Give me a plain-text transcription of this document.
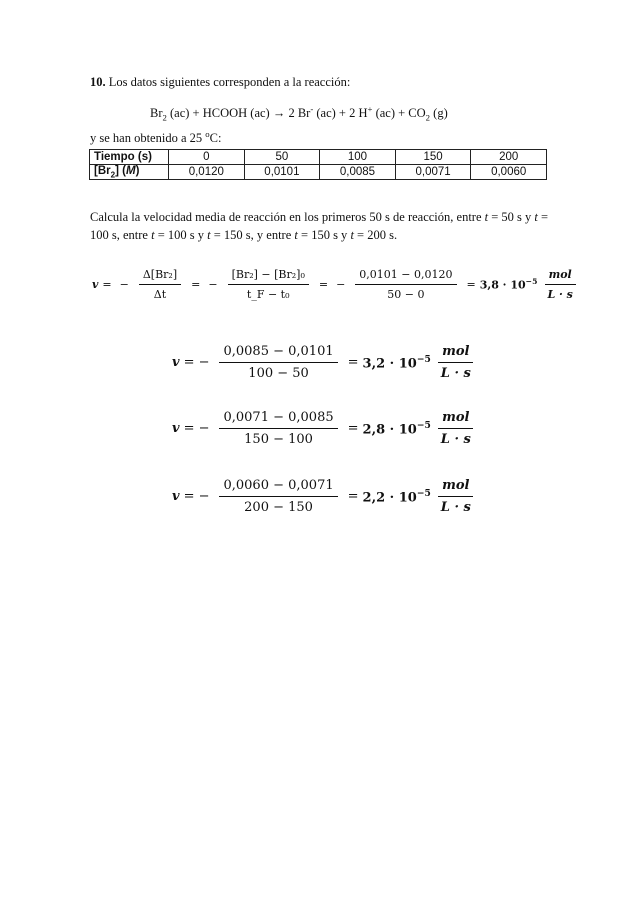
10. Los datos siguientes corresponden a la reacción:
$Br_2$ (ac) + HCOOH (ac) → 2 Br- (ac) + 2 H+ $(ac) + CO_2$ (g)
y se han obtenido a 25 $^o$C:
Tiempo (s)	0	50	100	150	200
$[Br_2]$ (M)	0,0120	0,0101	0,0085	0,0071	0,0060
Calcula la velocidad media de reacción en los primeros 50 s de reacción, entre t = 50 s y t = 100 s, entre t = 100 s y t = 150 s, y entre t = 150 s y t = 200 s.
v = − $\frac{\text{Δ[Br₂]}}{\Delta t}$ = − $\frac{\text{[Br₂] − [Br₂]₀}}{\text{t\_F − t₀}}$ = − $\frac{0,0101 - 0,0120}{50 - 0} = 3,8 \cdot 10^{-5} \frac{\text{mol}}{L \cdot s}$
v = − $\frac{0,0085 - 0,0101}{100 - 50} = 3,2 \cdot 10^{-5} \frac{\text{mol}}{L \cdot s}$
v = − $\frac{0,0071 - 0,0085}{150 - 100} = 2,8 \cdot 10^{-5} \frac{\text{mol}}{L \cdot s}$
v = − $\frac{0,0060 - 0,0071}{200 - 150} = 2,2 \cdot 10^{-5} \frac{\text{mol}}{L \cdot s}$
